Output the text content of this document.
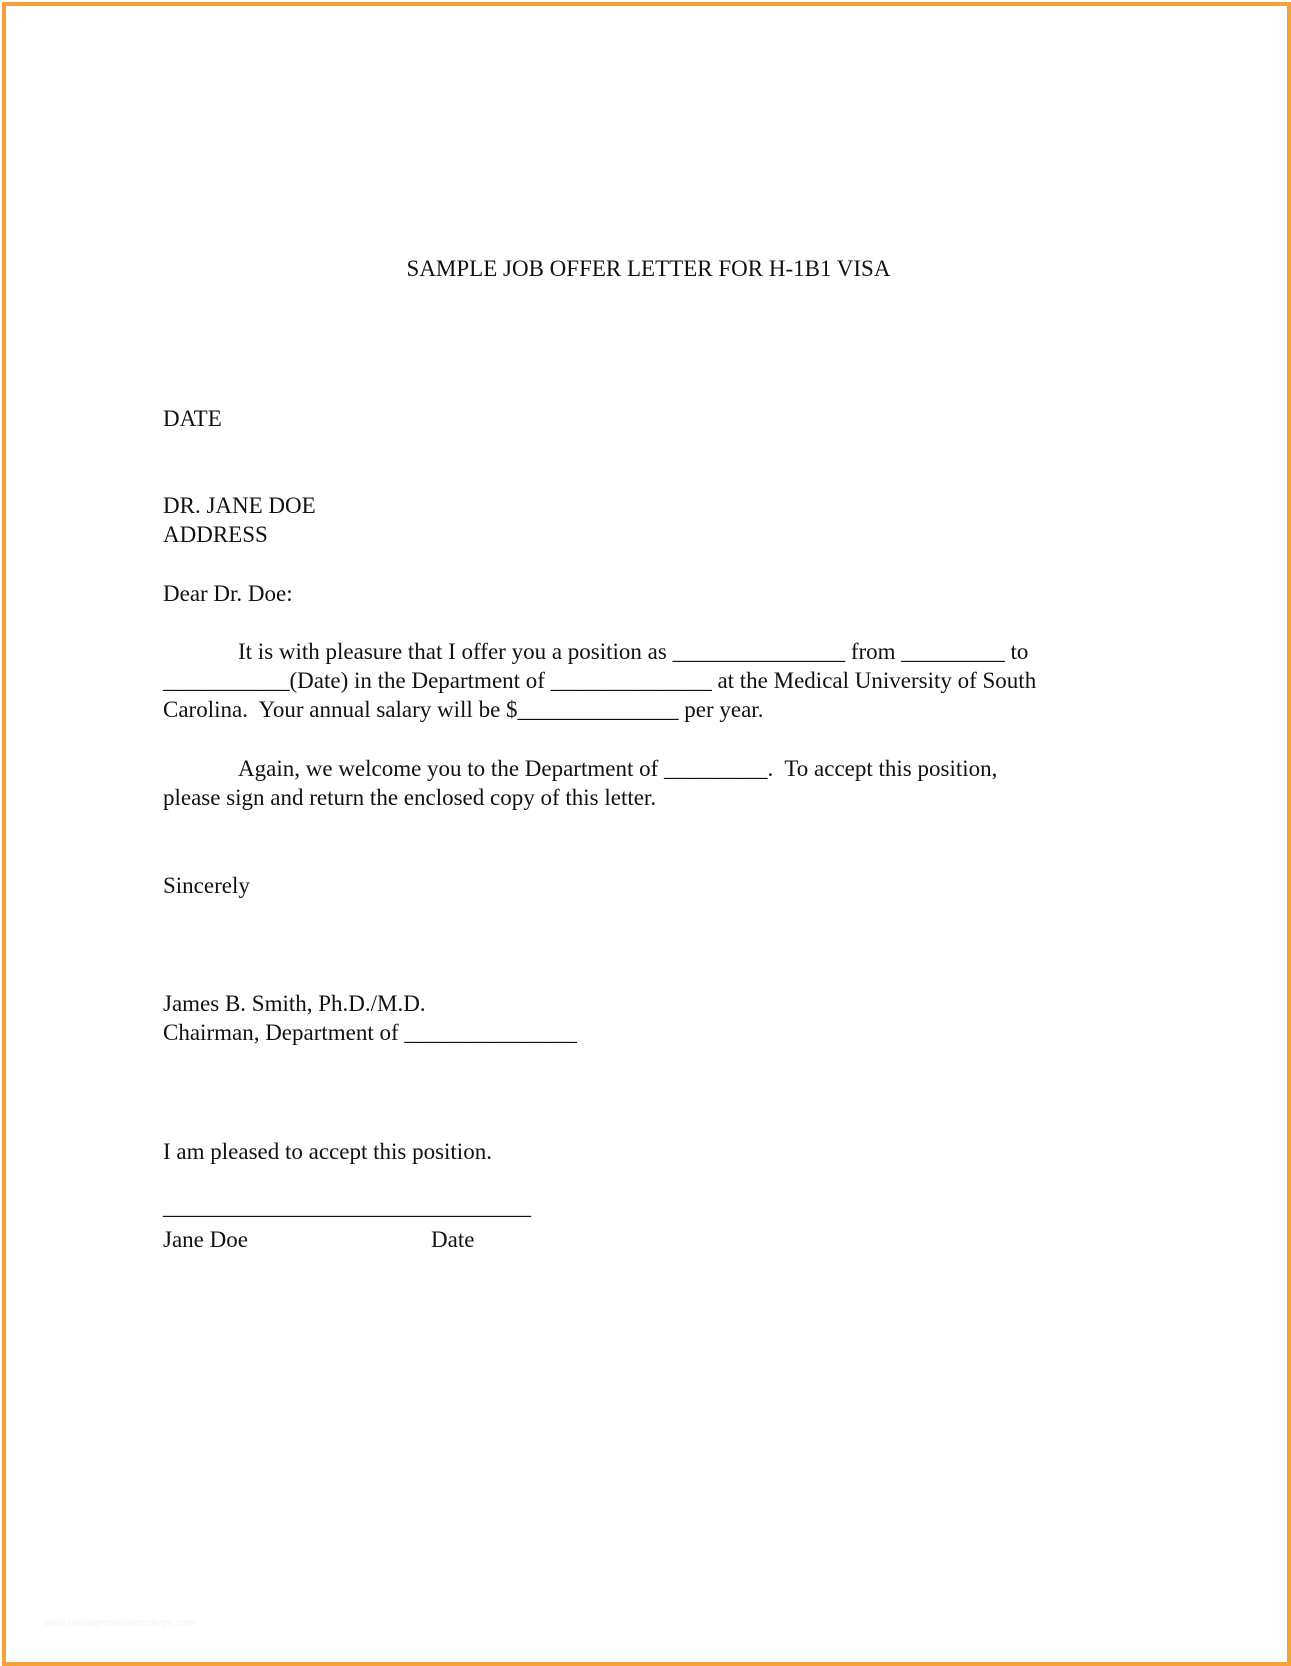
SAMPLE JOB OFFER LETTER FOR H-1B1 VISA
DATE
DR. JANE DOE
ADDRESS
Dear Dr. Doe:
It is with pleasure that I offer you a position as _______________ from _________ to
___________(Date) in the Department of ______________ at the Medical University of South
Carolina.  Your annual salary will be $______________ per year.
Again, we welcome you to the Department of _________.  To accept this position,
please sign and return the enclosed copy of this letter.
Sincerely
James B. Smith, Ph.D./M.D.
Chairman, Department of _______________
I am pleased to accept this position.
________________________________
Jane Doe	Date
www.heritagechristiancollege.com
